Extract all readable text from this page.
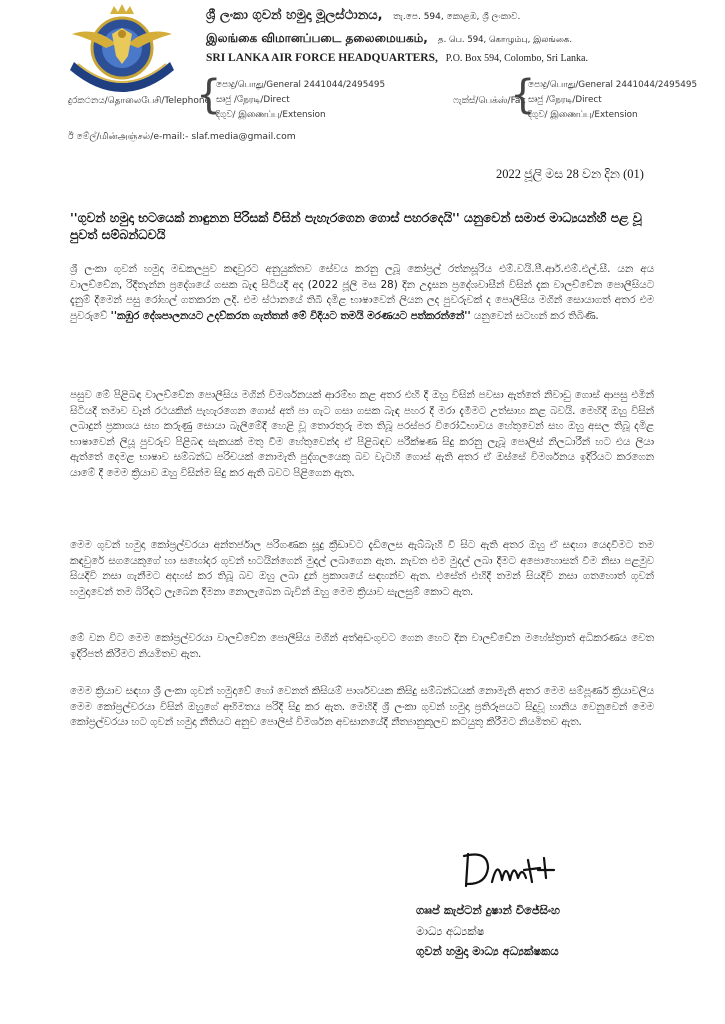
ශ්‍රී ලංකා ගුවන් හමුදා මූලස්ථානය, තැ.පෙ. 594, කොළඹ, ශ්‍රී ලංකාව.
இலங்கை விமானப்படை தலைமையகம், த. பெ. 594, கொழும்பு, இலங்கை.
SRI LANKA AIR FORCE HEADQUARTERS, P.O. Box 594, Colombo, Sri Lanka.
දුරකථනය/தொலைபேசி/Telephone
{
පොදු/பொது/General 2441044/2495495
සෘජු /நேரடி/Direct
දිගුව/ இணைப்பு/Extension
ෆැක්ස්/பெக்ஸ்/Fax
{
පොදු/பொது/General 2441044/2495495
සෘජු /நேரடி/Direct
දිගුව/ இணைப்பு/Extension
ඊ මේල්/மின்அஞ்சல்/e-mail:- slaf.media@gmail.com
2022 ජූලි මස 28 වන දින (01)
''ගුවන් හමුදා භටයෙක් නාඳුනන පිරිසක් විසින් පැහැරගෙන ගොස් පහරදෙයි'' යනුවෙන් සමාජ මාධ්‍යයන්හි පළ වූ පුවත් සම්බන්ධවයි
ශ්‍රී ලංකා ගුවන් හමුදා මඩකලපුව කඳවුරට අනුයුක්තව සේවය කරනු ලබූ කෝප්‍රල් රත්නසූරිය එම්.වයි.පී.ආර්.එම්.එල්.සී. යන අය වාලච්චේන, රිදීතැන්න ප්‍රදේශයේ ගසක බැඳ සිටියදී අද (2022 ජූලි මස 28) දින උදෑසන ප්‍රදේශවාසීන් විසින් දැක වාලච්චේන පොලීසියට දැනුම් දීමෙන් පසු රෝහල් ගතකරන ලදි. එම ස්ථානයේ තිබී දමිළ භාෂාවෙන් ලියන ලද පුවරුවක් ද පොලීසිය මගින් සොයාගත් අතර එම පුවරුවේ ''කඹුර දේශපාලනයට උදව්කරන ගැත්තන් මේ විදියට තමයි මරණයට පත්කරන්නේ'' යනුවෙන් සටහන් කර තිබිණි.
පසුව මේ පිළිබඳ වාලච්චේන පොලීසිය මගින් විමර්ශනයක් ආරම්භ කළ අතර එහි දී ඔහු විසින් පවසා ඇත්තේ නිවාඩු ගොස් ආපසු එමින් සිටියදී තමාව වෑන් රථයකින් පැහැරගෙන ගොස් අත් පා ගැට ගසා ගසක බැඳ පහර දී මරා දැමීමට උත්සාහ කළ බවයි. මෙහිදී ඔහු විසින් ලබාදුන් ප්‍රකාශය සහ කරුණු සොයා බැලීමේදී හෙළි වූ තොරතුරු මත තිබූ පරස්පර විරෝධීභාවය හේතුවෙන් සහ ඔහු අසල තිබූ දමිළ භාෂාවෙන් ලියූ පුවරුව පිළිබඳ සැකයක් මතු වීම හේතුවෙන්ද ඒ පිළිබඳව පරීක්ෂණ සිදු කරනු ලැබූ පොලිස් නිලධාරීන් හට එය ලියා ඇත්තේ දෙමළ භාෂාව සම්බන්ධ පරිචයක් නොමැති පුද්ගලයෙකු බව වැටහී ගොස් ඇති අතර ඒ ඔස්සේ විමර්ශනය ඉදිරියට කරගෙන යාමේ දී මෙම ක්‍රියාව ඔහු විසින්ම සිදු කර ඇති බවට පිළිගෙන ඇත.
මෙම ගුවන් හමුදා කෝප්‍රල්වරයා අන්තර්ජාල පරිගණක සූදු ක්‍රීඩාවට දැඩිලෙස ඇබ්බැහි වී සිට ඇති අතර ඔහු ඒ සඳහා යෙදවීමට තම කඳවුරේ සගයෙකුගේ හා සහෝදර ගුවන් භටයින්ගෙන් මුදල් ලබාගෙන ඇත. නැවත එම මුදල් ලබා දීමට අපොහොසත් වීම නිසා පළමුව සියදිවි නසා ගැනීමට අදහස් කර තිබූ බව ඔහු ලබා දුන් ප්‍රකාශයේ සඳහන්ව ඇත. එසේත් එහිදී තමන් සියදිවි නසා ගතහොත් ගුවන් හමුදාවෙන් තම බිරිඳට ලැබෙන දීමනා නොලැබෙන බැවින් ඔහු මෙම ක්‍රියාව සැලසුම් කොට ඇත.
මේ වන විට මෙම කෝප්‍රල්වරයා වාලච්චේන පොලීසිය මගින් අත්අඩංගුවට ගෙන හෙට දින වාලච්චේන මහේස්ත්‍රාත් අධිකරණය වෙත ඉදිරිපත් කිරීමට නියමිතව ඇත.
මෙම ක්‍රියාව සඳහා ශ්‍රී ලංකා ගුවන් හමුදාවේ හෝ වෙනත් කිසියම් පාර්ශවයක කිසිදු සම්බන්ධයක් නොමැති අතර මෙම සම්පූර්ණ ක්‍රියාවලිය මෙම කෝප්‍රල්වරයා විසින් ඔහුගේ අභිමතය පරිදි සිදු කර ඇත. මෙහිදී ශ්‍රී ලංකා ගුවන් හමුදා ප්‍රතිරූපයට සිදුවූ හානිය වෙනුවෙන් මෙම කෝප්‍රල්වරයා හට ගුවන් හමුදා නීතියට අනුව පොලිස් විමර්ශන අවසානයේදී නීත්‍යානුකූලව කටයුතු කිරීමට නියමිතව ඇත.
ගෲප් කැප්ටන් දුෂාන් විජේසිංහ
මාධ්‍ය අධ්‍යක්ෂ
ගුවන් හමුදා මාධ්‍ය අධ්‍යක්ෂකය
